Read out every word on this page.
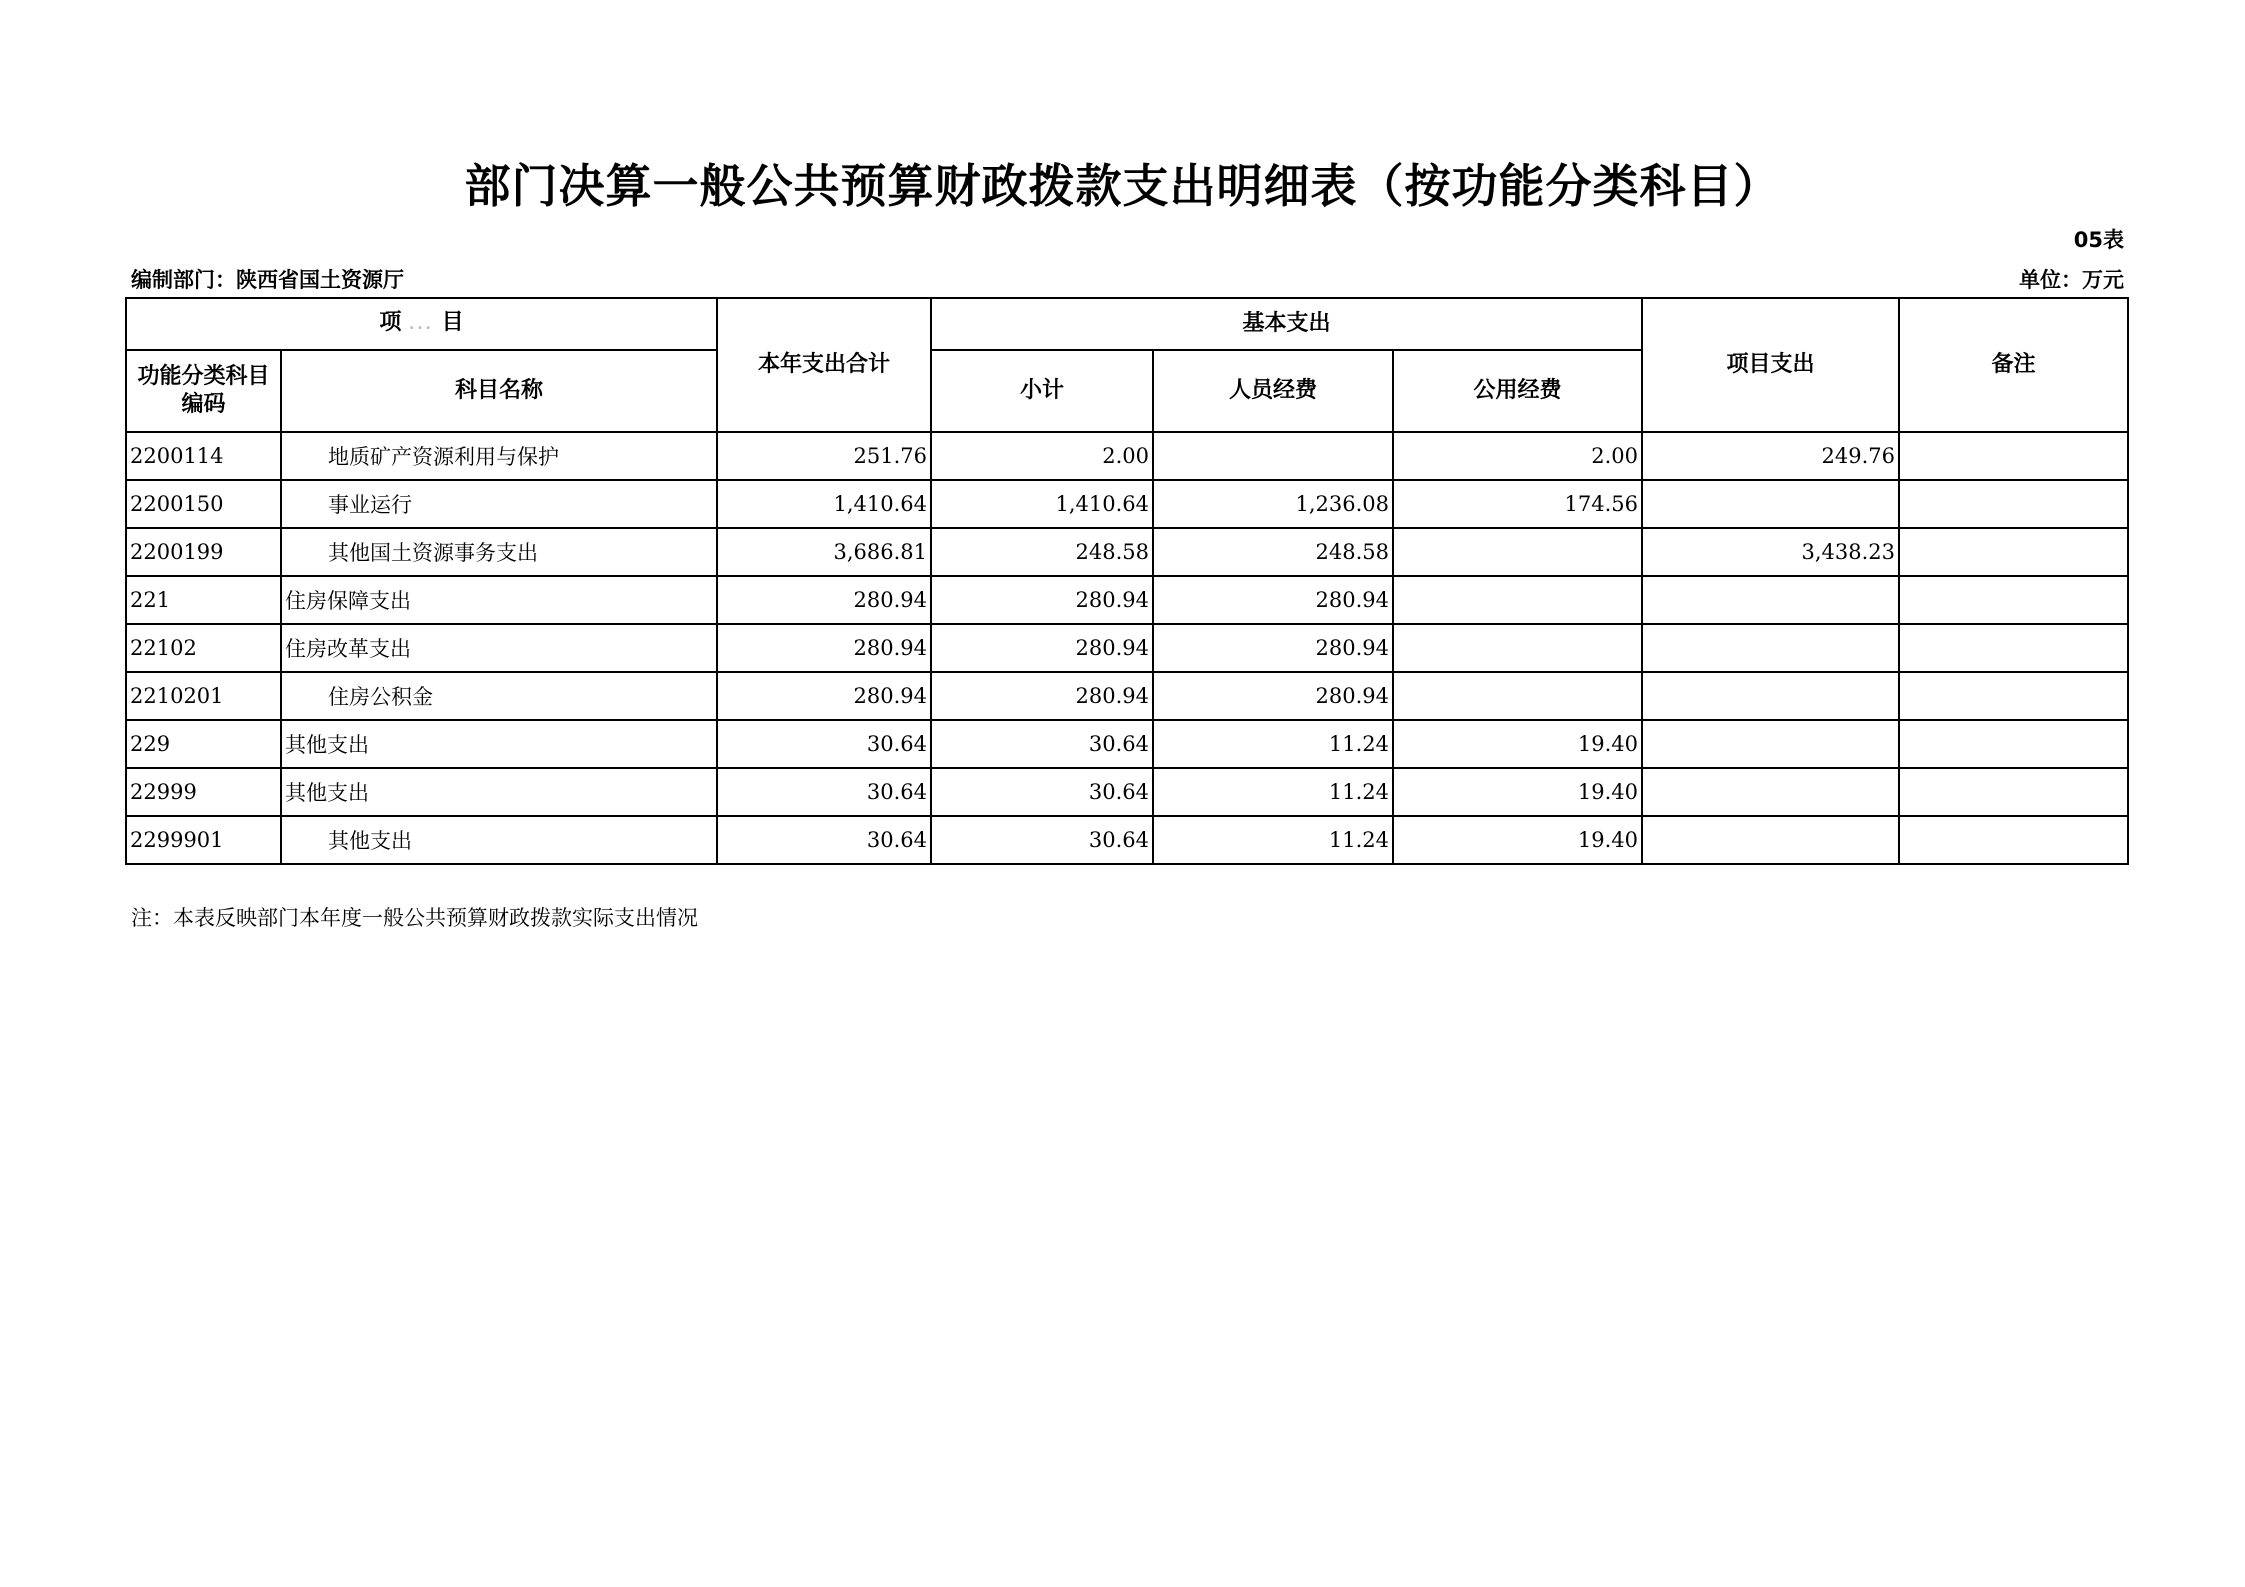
部门决算一般公共预算财政拨款支出明细表（按功能分类科目）
05表
编制部门：陕西省国土资源厅	单位：万元
项 ... 目		本年支出合计	基本支出			项目支出	备注
功能分类科目编码	科目名称		小计	人员经费	公用经费		
2200114	地质矿产资源利用与保护	251.76	2.00		2.00	249.76	
2200150	事业运行	1,410.64	1,410.64	1,236.08	174.56		
2200199	其他国土资源事务支出	3,686.81	248.58	248.58		3,438.23	
221	住房保障支出	280.94	280.94	280.94			
22102	住房改革支出	280.94	280.94	280.94			
2210201	住房公积金	280.94	280.94	280.94			
229	其他支出	30.64	30.64	11.24	19.40		
22999	其他支出	30.64	30.64	11.24	19.40		
2299901	其他支出	30.64	30.64	11.24	19.40		
注：本表反映部门本年度一般公共预算财政拨款实际支出情况
